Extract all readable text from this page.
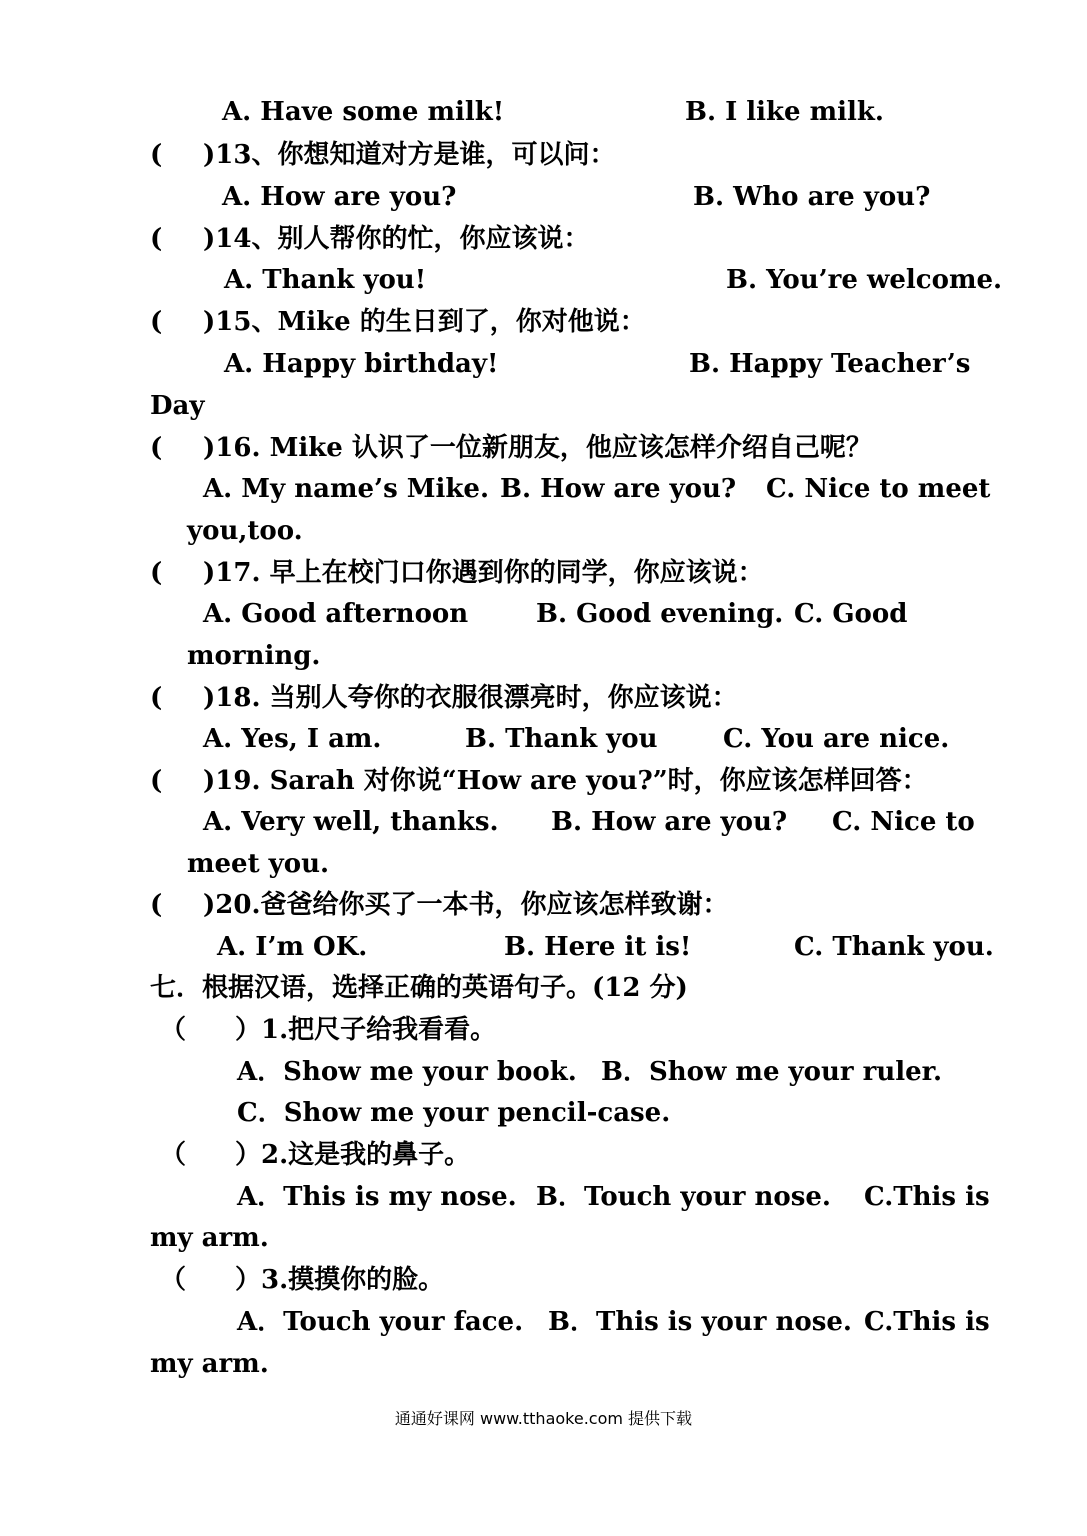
A. Have some milk!	B. I like milk.
( )13、你想知道对方是谁，可以问：
A. How are you?	B. Who are you?
( )14、别人帮你的忙，你应该说：
A. Thank you!	B. You’re welcome.
( )15、Mike 的生日到了，你对他说：
A. Happy birthday!	B. Happy Teacher’s
Day
( )16. Mike 认识了一位新朋友，他应该怎样介绍自己呢？
A. My name’s Mike. B. How are you? C. Nice to meet
you,too.
( )17. 早上在校门口你遇到你的同学，你应该说：
A. Good afternoon	B. Good evening. C. Good
morning.
( )18. 当别人夸你的衣服很漂亮时，你应该说：
A. Yes, I am.	B. Thank you	C. You are nice.
( )19. Sarah 对你说“How are you?”时，你应该怎样回答：
A. Very well, thanks. B. How are you? C. Nice to
meet you.
( )20.爸爸给你买了一本书，你应该怎样致谢：
A. I’m OK.	B. Here it is!	C. Thank you.
七．根据汉语，选择正确的英语句子。(12 分)
（ ）1.把尺子给我看看。
A．Show me your book. B．Show me your ruler.
C．Show me your pencil-case.
（ ）2.这是我的鼻子。
A．This is my nose. B．Touch your nose. C.This is
my arm.
（ ）3.摸摸你的脸。
A．Touch your face. B．This is your nose. C.This is
my arm.
通通好课网 www.tthaoke.com 提供下载
